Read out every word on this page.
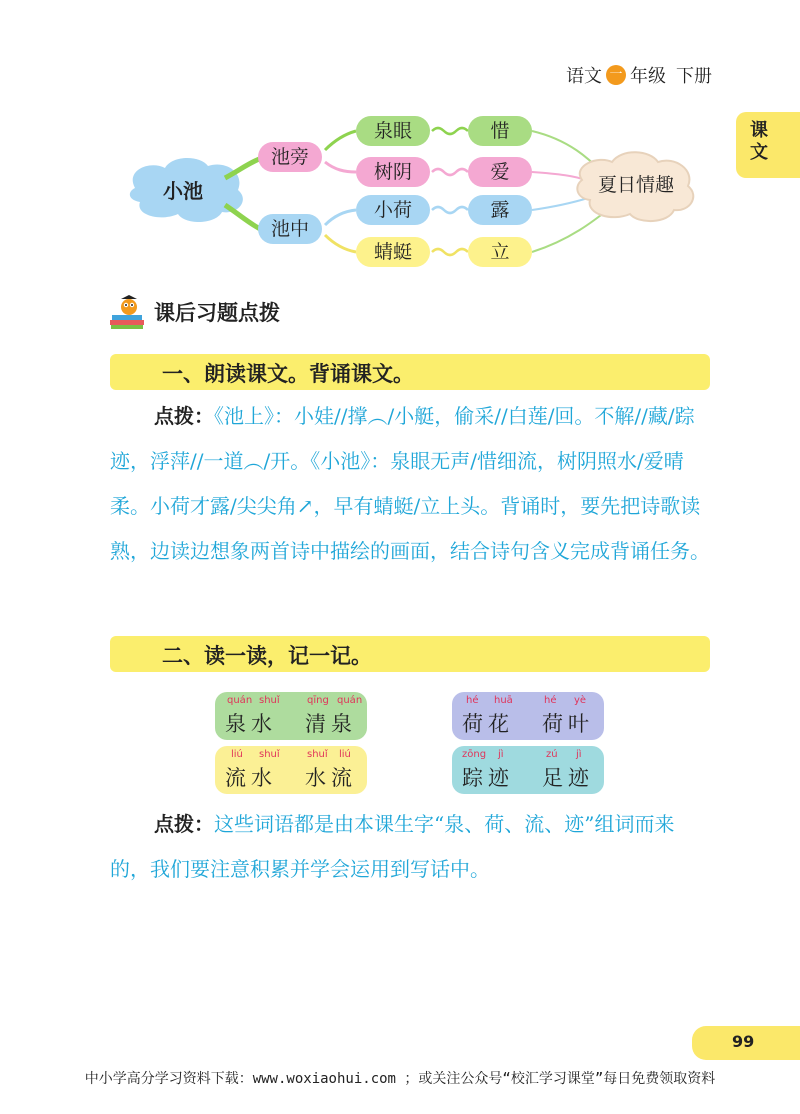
语文 一 年级 下册
课文
小池
池旁
池中
泉眼
树阴
小荷
蜻蜓
惜
爱
露
立
夏日情趣
课后习题点拨
一、朗读课文。背诵课文。
点拨：《池上》：小娃//撑︵/小艇，偷采//白莲/回。不解//藏/踪迹，浮萍//一道︵/开。《小池》：泉眼无声/惜细流，树阴照水/爱晴柔。小荷才露/尖尖角↗，早有蜻蜓/立上头。背诵时，要先把诗歌读熟，边读边想象两首诗中描绘的画面，结合诗句含义完成背诵任务。
二、读一读，记一记。
quán shuǐ	qīng quán
泉水 清泉
hé huā	hé yè
荷花 荷叶
liú shuǐ	shuǐ liú
流水 水流
zōng jì	zú jì
踪迹 足迹
点拨：这些词语都是由本课生字“泉、荷、流、迹”组词而来的，我们要注意积累并学会运用到写话中。
99
中小学高分学习资料下载：www.woxiaohui.com ；或关注公众号“校汇学习课堂”每日免费领取资料
